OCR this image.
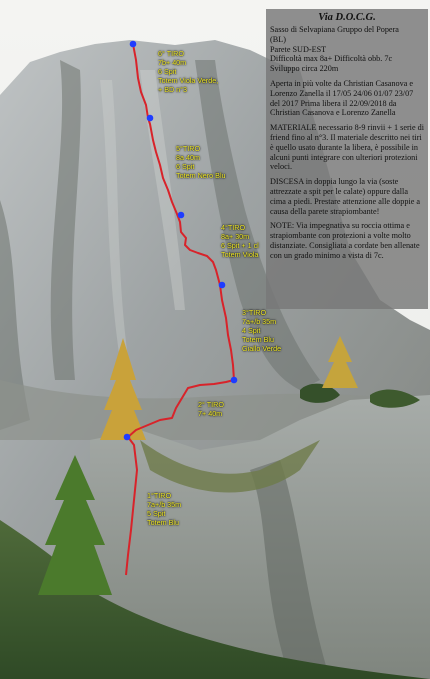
6° TIRO
7b+ 40m
6 Spit
Totem Viola Verde,
+ BD n°3
5°TIRO
8a 40m
6 Spit
Totem Nero Blu
4°TIRO
8a+ 30m
6 Spit + 1 cl
Totem Viola
3°TIRO
7a+/b 35m
4 Spit
Totem Blu
Giallo Verde
2° TIRO
7+ 40m
1°TIRO
7a+/b 35m
5 Spit
Totem Blu

Via D.O.C.G.

Sasso di Selvapiana Gruppo del Popera

(BL)

Parete SUD-EST

Difficoltà max 8a+ Difficoltà obb. 7c

Sviluppo circa 220m

Aperta in più volte da Christian Casanova e Lorenzo Zanella il 17/05 24/06 01/07 23/07 del 2017 Prima libera il 22/09/2018 da Christian Casanova e Lorenzo Zanella

MATERIALE necessario 8-9 rinvii + 1 serie di friend fino al n°3. Il materiale descritto nei tiri è quello usato durante la libera, è possibile in alcuni punti integrare con ulteriori protezioni veloci.

DISCESA in doppia lungo la via (soste attrezzate a spit per le calate) oppure dalla cima a piedi. Prestare attenzione alle doppie a causa della parete strapiombante!

NOTE: Via impegnativa su roccia ottima e strapiombante con protezioni a volte molto distanziate. Consigliata a cordate ben allenate con un grado minimo a vista di 7c.
